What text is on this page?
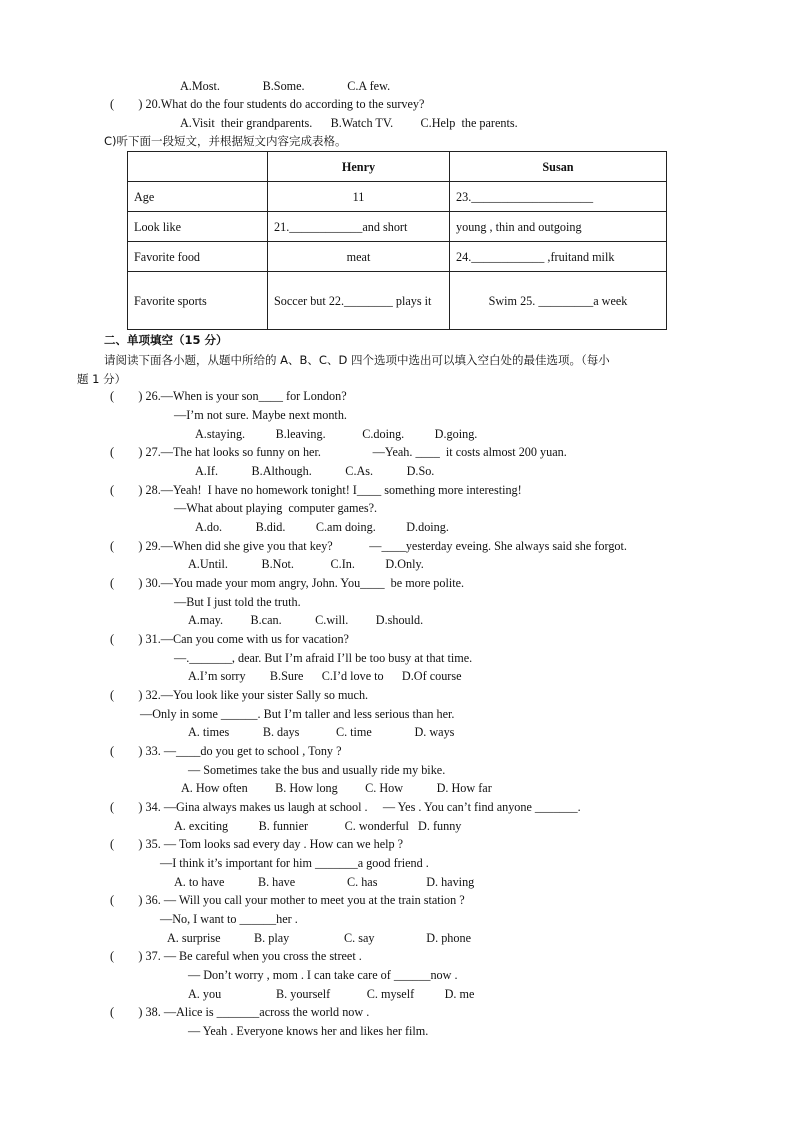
A.Most.              B.Some.              C.A few.
(        ) 20.What do the four students do according to the survey?
A.Visit  their grandparents.      B.Watch TV.         C.Help  the parents.
C)听下面一段短文，并根据短文内容完成表格。
	Henry	Susan
Age	11	23.____________________
Look like	21.____________and short	young , thin and outgoing
Favorite food	meat	24.____________ ,fruitand milk
Favorite sports	Soccer but 22.________ plays it	Swim 25. _________a week
二、单项填空（15 分）
请阅读下面各小题，从题中所给的 A、B、C、D 四个选项中选出可以填入空白处的最佳选项。（每小
题 1 分）
(        ) 26.—When is your son____ for London?
—I’m not sure. Maybe next month.
A.staying.          B.leaving.            C.doing.          D.going.
(        ) 27.—The hat looks so funny on her.                 —Yeah. ____  it costs almost 200 yuan.
A.If.           B.Although.           C.As.           D.So.
(        ) 28.—Yeah!  I have no homework tonight! I____ something more interesting!
—What about playing  computer games?.
A.do.           B.did.          C.am doing.          D.doing.
(        ) 29.—When did she give you that key?            —____yesterday eveing. She always said she forgot.
A.Until.           B.Not.            C.In.          D.Only.
(        ) 30.—You made your mom angry, John. You____  be more polite.
—But I just told the truth.
A.may.         B.can.           C.will.         D.should.
(        ) 31.—Can you come with us for vacation?
—._______, dear. But I’m afraid I’ll be too busy at that time.
A.I’m sorry        B.Sure      C.I’d love to      D.Of course
(        ) 32.—You look like your sister Sally so much.
—Only in some ______. But I’m taller and less serious than her.
A. times           B. days            C. time              D. ways
(        ) 33. —____do you get to school , Tony ?
— Sometimes take the bus and usually ride my bike.
A. How often         B. How long         C. How           D. How far
(        ) 34. —Gina always makes us laugh at school .     — Yes . You can’t find anyone _______.
A. exciting          B. funnier            C. wonderful   D. funny
(        ) 35. — Tom looks sad every day . How can we help ?
—I think it’s important for him _______a good friend .
A. to have           B. have                 C. has                D. having
(        ) 36. — Will you call your mother to meet you at the train station ?
—No, I want to ______her .
A. surprise           B. play                  C. say                 D. phone
(        ) 37. — Be careful when you cross the street .
— Don’t worry , mom . I can take care of ______now .
A. you                  B. yourself            C. myself          D. me
(        ) 38. —Alice is _______across the world now .
— Yeah . Everyone knows her and likes her film.
